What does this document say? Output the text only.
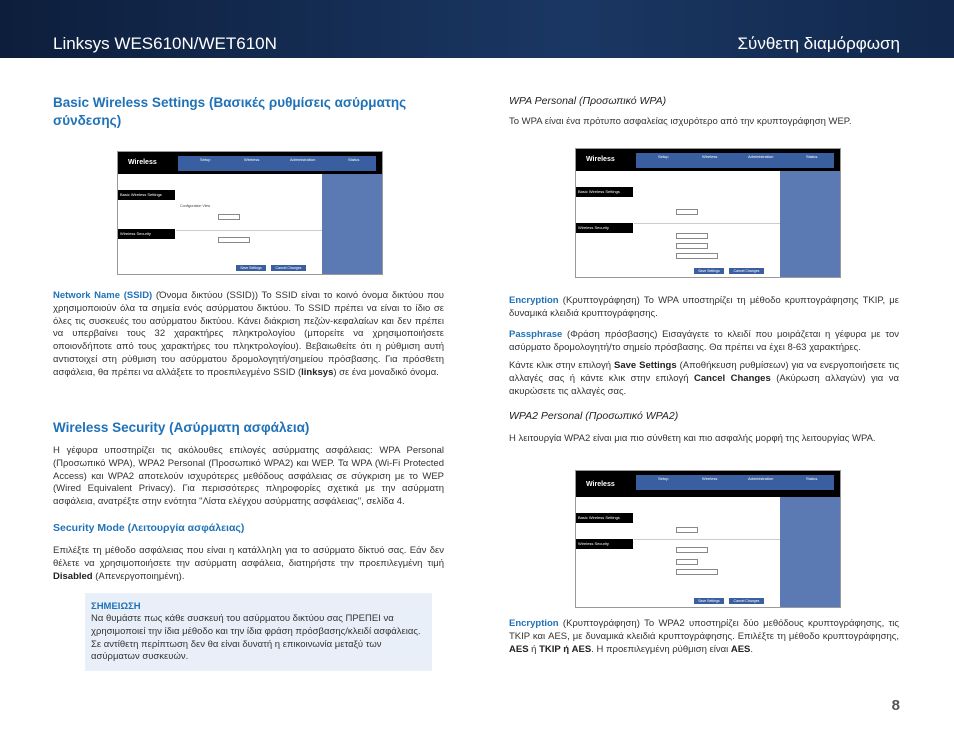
Linksys WES610N/WET610N	Σύνθετη διαμόρφωση
Basic Wireless Settings (Βασικές ρυθμίσεις ασύρματης σύνδεσης)
Wireless	Setup	Wireless	Administration	Status
Basic Wireless Settings
Wireless Security
Configuration View
Save Settings	Cancel Changes

Network Name (SSID) (Όνομα δικτύου (SSID)) Το SSID είναι το κοινό όνομα δικτύου που χρησιμοποιούν όλα τα σημεία ενός ασύρματου δικτύου. Το SSID πρέπει να είναι το ίδιο σε όλες τις συσκευές του ασύρματου δικτύου. Κάνει διάκριση πεζών-κεφαλαίων και δεν πρέπει να υπερβαίνει τους 32 χαρακτήρες πληκτρολογίου (μπορείτε να χρησιμοποιήσετε οποιονδήποτε από τους χαρακτήρες του πληκτρολογίου). Βεβαιωθείτε ότι η ρύθμιση αυτή αντιστοιχεί στη ρύθμιση του ασύρματου δρομολογητή/σημείου πρόσβασης. Για πρόσθετη ασφάλεια, θα πρέπει να αλλάξετε το προεπιλεγμένο SSID (linksys) σε ένα μοναδικό όνομα.

Wireless Security (Ασύρματη ασφάλεια)

Η γέφυρα υποστηρίζει τις ακόλουθες επιλογές ασύρματης ασφάλειας: WPA Personal (Προσωπικό WPA), WPA2 Personal (Προσωπικό WPA2) και WEP. Τα WPA (Wi-Fi Protected Access) και WPA2 αποτελούν ισχυρότερες μεθόδους ασφάλειας σε σύγκριση με το WEP (Wired Equivalent Privacy). Για περισσότερες πληροφορίες σχετικά με την ασύρματη ασφάλεια, ανατρέξτε στην ενότητα "Λίστα ελέγχου ασύρματης ασφάλειας", σελίδα 4.

Security Mode (Λειτουργία ασφάλειας)

Επιλέξτε τη μέθοδο ασφάλειας που είναι η κατάλληλη για το ασύρματο δίκτυό σας. Εάν δεν θέλετε να χρησιμοποιήσετε την ασύρματη ασφάλεια, διατηρήστε την προεπιλεγμένη τιμή Disabled (Απενεργοποιημένη).

ΣΗΜΕΙΩΣΗ
Να θυμάστε πως κάθε συσκευή του ασύρματου δικτύου σας ΠΡΕΠΕΙ να χρησιμοποιεί την ίδια μέθοδο και την ίδια φράση πρόσβασης/κλειδί ασφάλειας. Σε αντίθετη περίπτωση δεν θα είναι δυνατή η επικοινωνία μεταξύ των ασύρματων συσκευών.
WPA Personal (Προσωπικό WPA)

Το WPA είναι ένα πρότυπο ασφαλείας ισχυρότερο από την κρυπτογράφηση WEP.

Wireless	Setup	Wireless	Administration	Status
Basic Wireless Settings
Wireless Security
Save Settings	Cancel Changes

Encryption (Κρυπτογράφηση) Το WPA υποστηρίζει τη μέθοδο κρυπτογράφησης TKIP, με δυναμικά κλειδιά κρυπτογράφησης.

Passphrase (Φράση πρόσβασης) Εισαγάγετε το κλειδί που μοιράζεται η γέφυρα με τον ασύρματο δρομολογητή/το σημείο πρόσβασης. Θα πρέπει να έχει 8-63 χαρακτήρες.

Κάντε κλικ στην επιλογή Save Settings (Αποθήκευση ρυθμίσεων) για να ενεργοποιήσετε τις αλλαγές σας ή κάντε κλικ στην επιλογή Cancel Changes (Ακύρωση αλλαγών) για να ακυρώσετε τις αλλαγές σας.

WPA2 Personal (Προσωπικό WPA2)

Η λειτουργία WPA2 είναι μια πιο σύνθετη και πιο ασφαλής μορφή της λειτουργίας WPA.

Wireless
Setup	Wireless	Administration	Status
Basic Wireless Settings
Wireless Security
Save Settings	Cancel Changes

Encryption (Κρυπτογράφηση) Το WPA2 υποστηρίζει δύο μεθόδους κρυπτογράφησης, τις TKIP και AES, με δυναμικά κλειδιά κρυπτογράφησης. Επιλέξτε τη μέθοδο κρυπτογράφησης, AES ή TKIP ή AES. Η προεπιλεγμένη ρύθμιση είναι AES.

8
